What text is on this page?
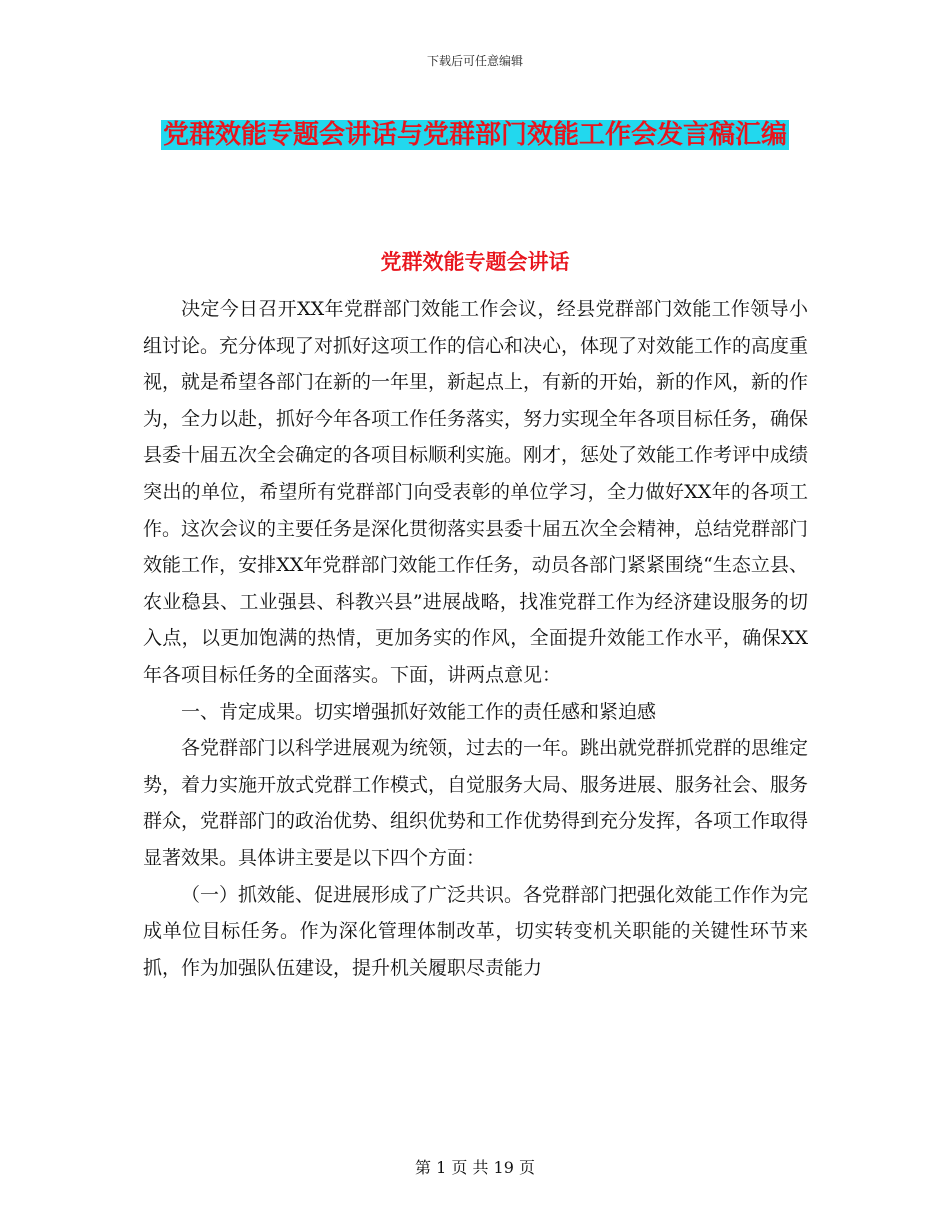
下载后可任意编辑
党群效能专题会讲话与党群部门效能工作会发言稿汇编
党群效能专题会讲话

决定今日召开XX年党群部门效能工作会议，经县党群部门效能工作领导小组讨论。充分体现了对抓好这项工作的信心和决心，体现了对效能工作的高度重视，就是希望各部门在新的一年里，新起点上，有新的开始，新的作风，新的作为，全力以赴，抓好今年各项工作任务落实，努力实现全年各项目标任务，确保县委十届五次全会确定的各项目标顺利实施。刚才，惩处了效能工作考评中成绩突出的单位，希望所有党群部门向受表彰的单位学习，全力做好XX年的各项工作。这次会议的主要任务是深化贯彻落实县委十届五次全会精神，总结党群部门效能工作，安排XX年党群部门效能工作任务，动员各部门紧紧围绕“生态立县、农业稳县、工业强县、科教兴县”进展战略，找准党群工作为经济建设服务的切入点，以更加饱满的热情，更加务实的作风，全面提升效能工作水平，确保XX年各项目标任务的全面落实。下面，讲两点意见：

一、肯定成果。切实增强抓好效能工作的责任感和紧迫感

各党群部门以科学进展观为统领，过去的一年。跳出就党群抓党群的思维定势，着力实施开放式党群工作模式，自觉服务大局、服务进展、服务社会、服务群众，党群部门的政治优势、组织优势和工作优势得到充分发挥，各项工作取得显著效果。具体讲主要是以下四个方面：

（一）抓效能、促进展形成了广泛共识。各党群部门把强化效能工作作为完成单位目标任务。作为深化管理体制改革，切实转变机关职能的关键性环节来抓，作为加强队伍建设，提升机关履职尽责能力

第 1 页 共 19 页
